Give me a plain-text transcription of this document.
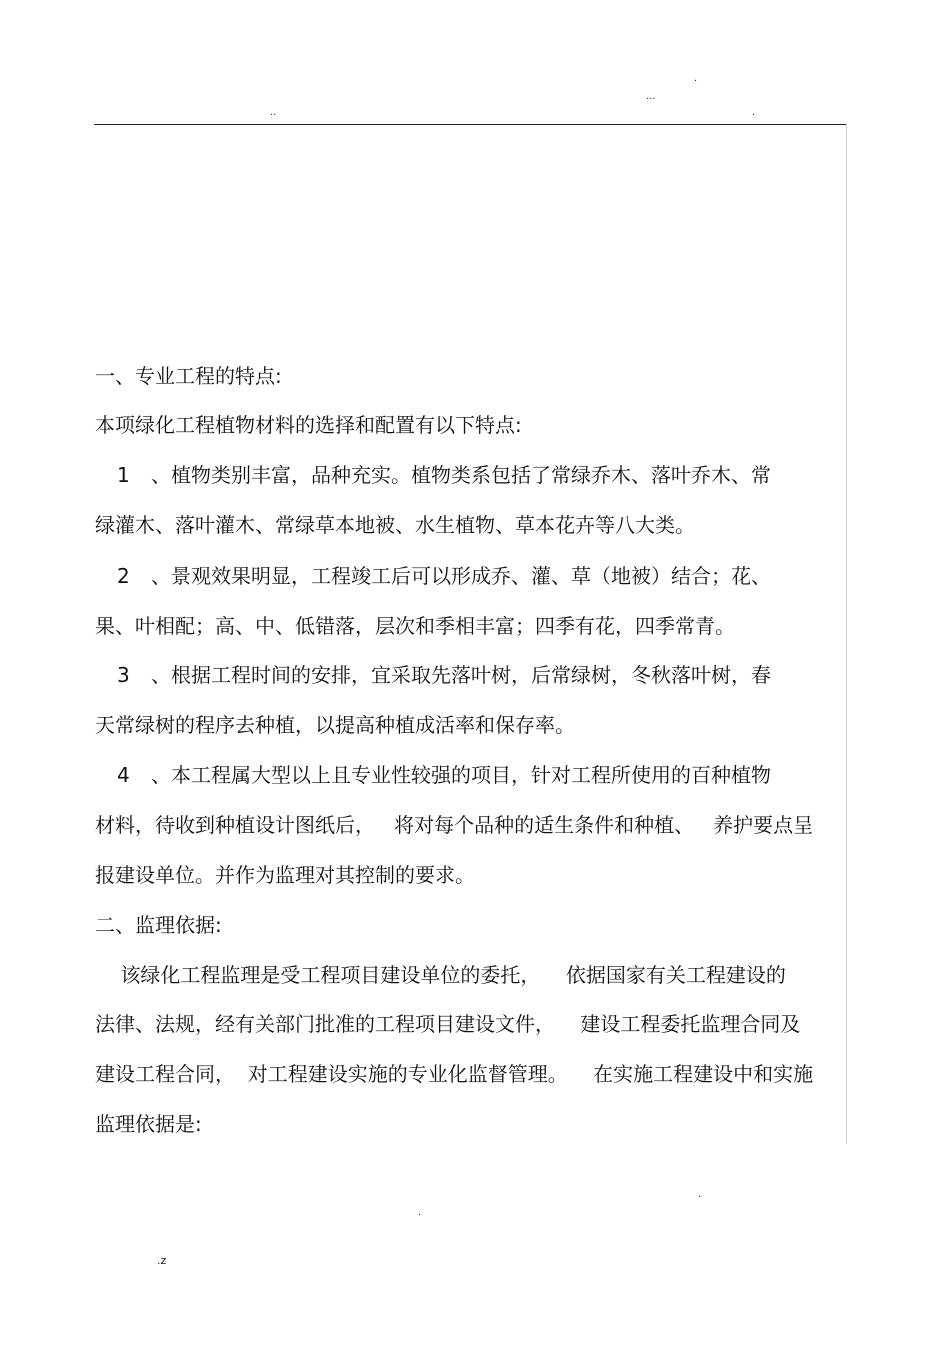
.
...
..	.
一、专业工程的特点:
本项绿化工程植物材料的选择和配置有以下特点:
1 、植物类别丰富，品种充实。植物类系包括了常绿乔木、落叶乔木、常
绿灌木、落叶灌木、常绿草本地被、水生植物、草本花卉等八大类。
2 、景观效果明显，工程竣工后可以形成乔、灌、草（地被）结合；花、
果、叶相配；高、中、低错落，层次和季相丰富；四季有花，四季常青。
3 、根据工程时间的安排，宜采取先落叶树，后常绿树，冬秋落叶树，春
天常绿树的程序去种植，以提高种植成活率和保存率。
4 、本工程属大型以上且专业性较强的项目，针对工程所使用的百种植物
材料，待收到种植设计图纸后，   将对每个品种的适生条件和种植、   养护要点呈
报建设单位。并作为监理对其控制的要求。
二、监理依据:
该绿化工程监理是受工程项目建设单位的委托，    依据国家有关工程建设的
法律、法规，经有关部门批准的工程项目建设文件，    建设工程委托监理合同及
建设工程合同，  对工程建设实施的专业化监督管理。    在实施工程建设中和实施
监理依据是:
.
.
.z
